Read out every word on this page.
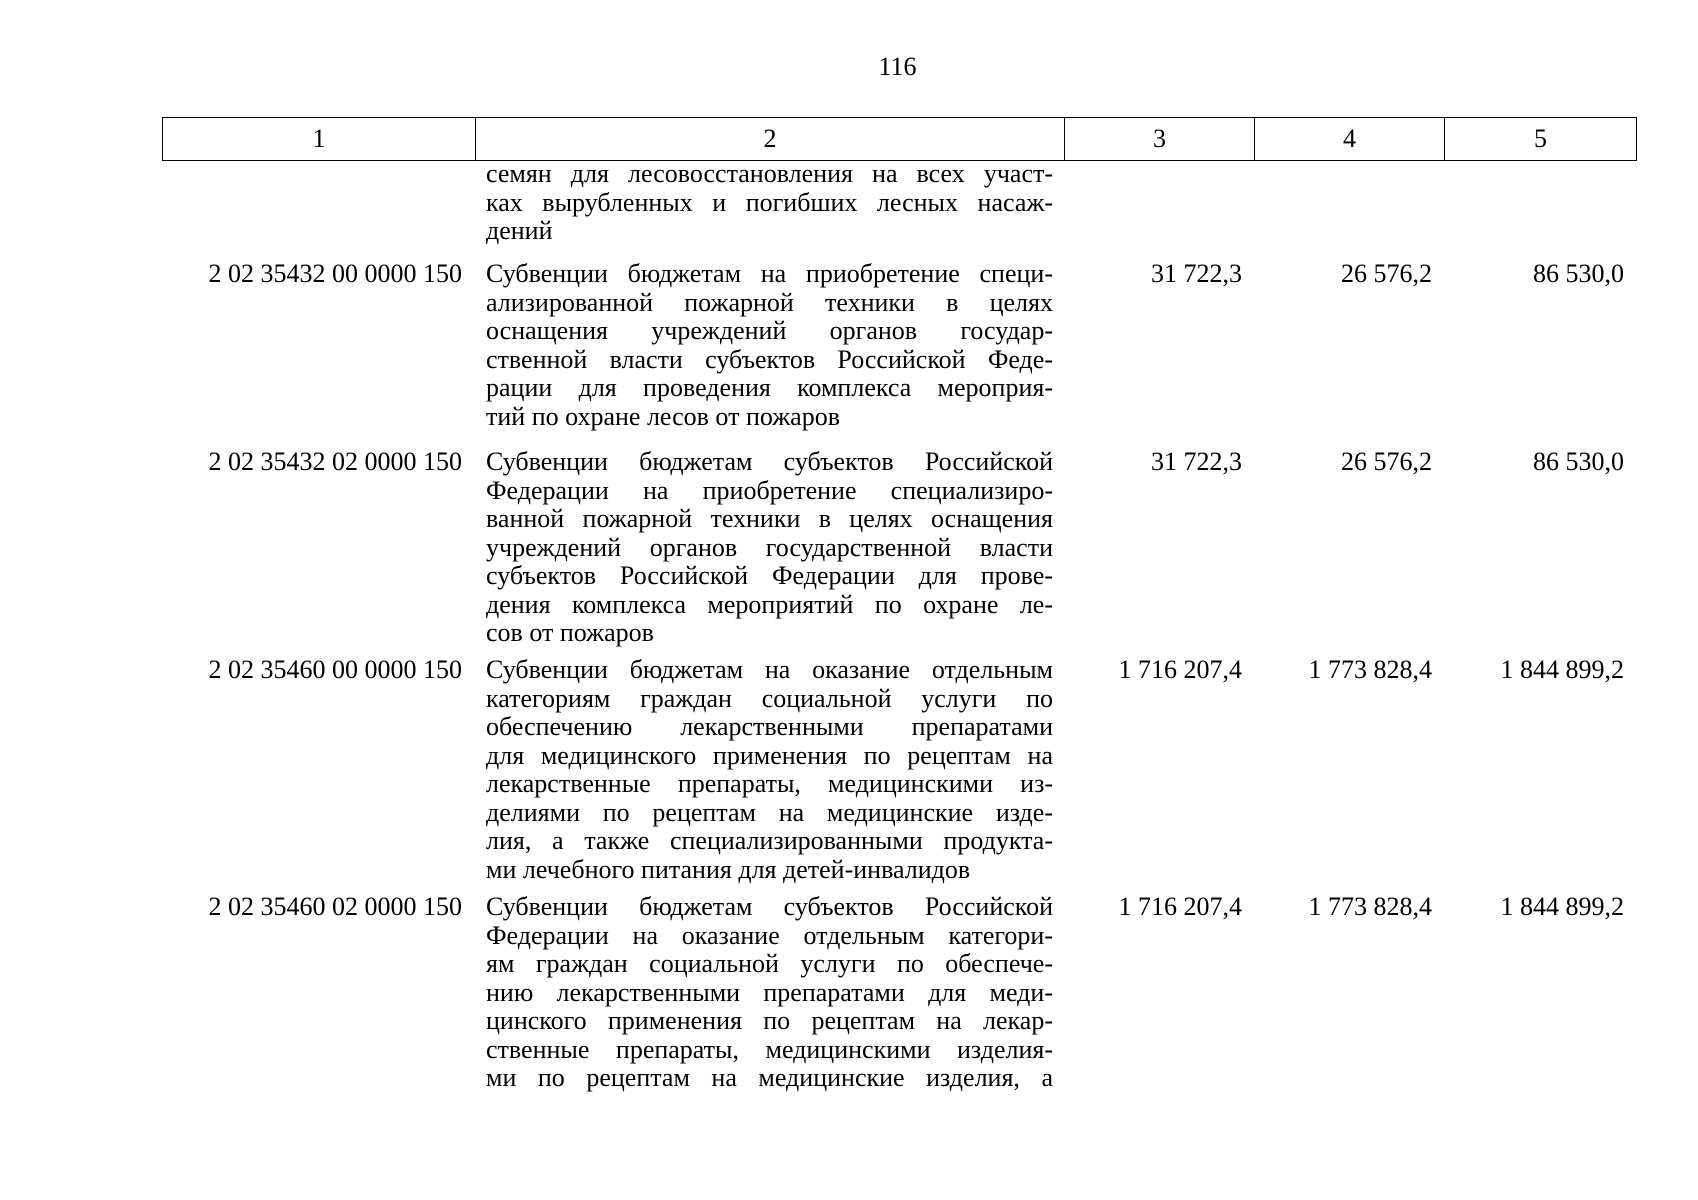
116
1	2	3	4	5
семян для лесовосстановления на всех участ-
ках вырубленных и погибших лесных насаж-
дений
2 02 35432 00 0000 150 Субвенции бюджетам на приобретение специ-
ализированной пожарной техники в целях
оснащения учреждений органов государ-
ственной власти субъектов Российской Феде-
рации для проведения комплекса мероприя-
тий по охране лесов от пожаров
31 722,3	26 576,2	86 530,0
2 02 35432 02 0000 150 Субвенции бюджетам субъектов Российской
Федерации на приобретение специализиро-
ванной пожарной техники в целях оснащения
учреждений органов государственной власти
субъектов Российской Федерации для прове-
дения комплекса мероприятий по охране ле-
сов от пожаров
31 722,3	26 576,2	86 530,0
2 02 35460 00 0000 150 Субвенции бюджетам на оказание отдельным
категориям граждан социальной услуги по
обеспечению лекарственными препаратами
для медицинского применения по рецептам на
лекарственные препараты, медицинскими из-
делиями по рецептам на медицинские изде-
лия, а также специализированными продукта-
ми лечебного питания для детей-инвалидов
1 716 207,4	1 773 828,4	1 844 899,2
2 02 35460 02 0000 150 Субвенции бюджетам субъектов Российской
Федерации на оказание отдельным категори-
ям граждан социальной услуги по обеспече-
нию лекарственными препаратами для меди-
цинского применения по рецептам на лекар-
ственные препараты, медицинскими изделия-
ми по рецептам на медицинские изделия, а
1 716 207,4	1 773 828,4	1 844 899,2
